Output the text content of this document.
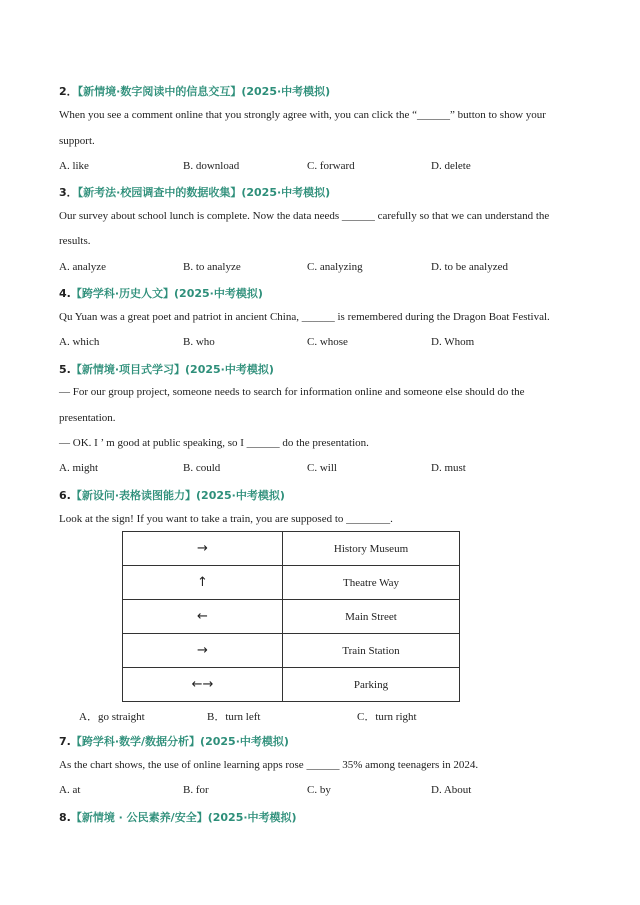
2．【新情境·数字阅读中的信息交互】(2025·中考模拟)
When you see a comment online that you strongly agree with, you can click the “______” button to show your
support.
A. like	B. download	C. forward	D. delete
3．【新考法·校园调查中的数据收集】(2025·中考模拟)
Our survey about school lunch is complete. Now the data needs ______ carefully so that we can understand the
results.
A. analyze	B. to analyze	C. analyzing	D. to be analyzed
4.【跨学科·历史人文】(2025·中考模拟)
Qu Yuan was a great poet and patriot in ancient China, ______ is remembered during the Dragon Boat Festival.
A. which	B. who	C. whose	D. Whom
5.【新情境·项目式学习】(2025·中考模拟)
— For our group project, someone needs to search for information online and someone else should do the
presentation.
— OK. I ’ m good at public speaking, so I ______ do the presentation.
A. might	B. could	C. will	D. must
6.【新设问·表格读图能力】(2025·中考模拟)
Look at the sign! If you want to take a train, you are supposed to ________.
→	History Museum
↑	Theatre Way
←	Main Street
→	Train Station
←→	Parking
A．go straight	B．turn left	C．turn right
7.【跨学科·数学/数据分析】(2025·中考模拟)
As the chart shows, the use of online learning apps rose ______ 35% among teenagers in 2024.
A. at	B. for	C. by	D. About
8.【新情境 · 公民素养/安全】(2025·中考模拟)
